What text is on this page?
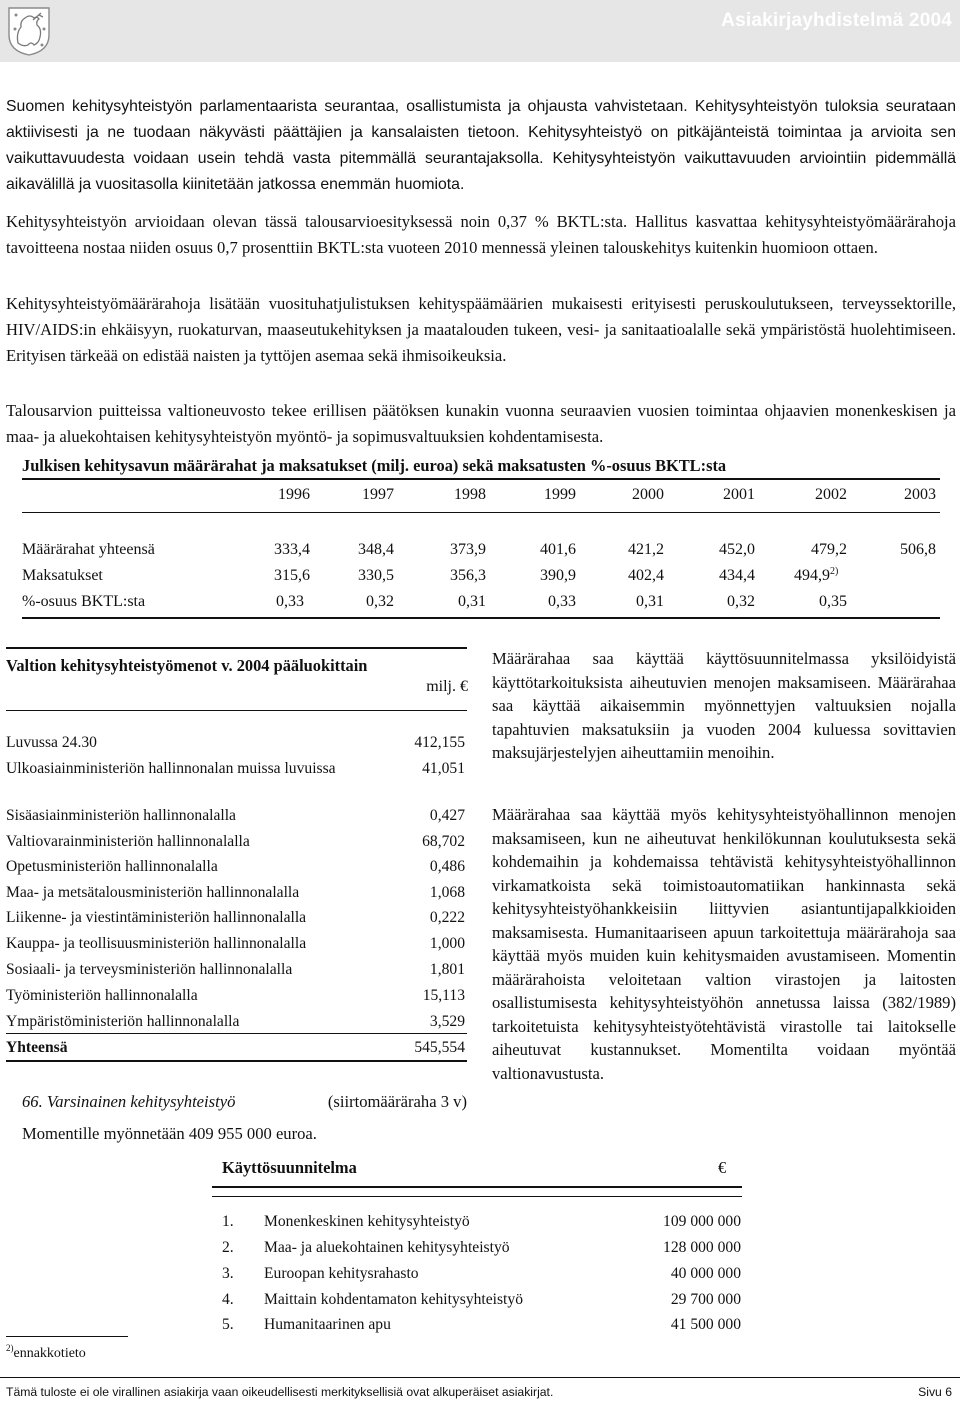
Asiakirjayhdistelmä 2004

Suomen kehitysyhteistyön parlamentaarista seurantaa, osallistumista ja ohjausta vahvistetaan. Kehitysyhteistyön tuloksia seurataan aktiivisesti ja ne tuodaan näkyvästi päättäjien ja kansalaisten tietoon. Kehitysyhteistyö on pitkäjänteistä toimintaa ja arvioita sen vaikuttavuudesta voidaan usein tehdä vasta pitemmällä seurantajaksolla. Kehitysyhteistyön vaikuttavuuden arviointiin pidemmällä aikavälillä ja vuositasolla kiinitetään jatkossa enemmän huomiota.

Kehitysyhteistyön arvioidaan olevan tässä talousarvioesityksessä noin 0,37 % BKTL:sta. Hallitus kasvattaa kehitysyhteistyömäärärahoja tavoitteena nostaa niiden osuus 0,7 prosenttiin BKTL:sta vuoteen 2010 mennessä yleinen talouskehitys kuitenkin huomioon ottaen.

Kehitysyhteistyömäärärahoja lisätään vuosituhatjulistuksen kehityspäämäärien mukaisesti erityisesti peruskoulutukseen, terveyssektorille, HIV/AIDS:in ehkäisyyn, ruokaturvan, maaseutukehityksen ja maatalouden tukeen, vesi- ja sanitaatioalalle sekä ympäristöstä huolehtimiseen. Erityisen tärkeää on edistää naisten ja tyttöjen asemaa sekä ihmisoikeuksia.

Talousarvion puitteissa valtioneuvosto tekee erillisen päätöksen kunakin vuonna seuraavien vuosien toimintaa ohjaavien monenkeskisen ja maa- ja aluekohtaisen kehitysyhteistyön myöntö- ja sopimusvaltuuksien kohdentamisesta.

Julkisen kehitysavun määrärahat ja maksatukset (milj. euroa) sekä maksatusten %-osuus BKTL:sta
1996	1997	1998	1999	2000	2001	2002	2003
Määrärahat yhteensä	333,4	348,4	373,9	401,6	421,2	452,0	479,2	506,8
Maksatukset	315,6	330,5	356,3	390,9	402,4	434,4 494,9$^{2)}$
%-osuus BKTL:sta	0,33	0,32	0,31	0,33	0,31	0,32	0,35
Valtion kehitysyhteistyömenot v. 2004 pääluokittain
milj. €
Luvussa 24.30	412,155
Ulkoasiainministeriön hallinnonalan muissa luvuissa	41,051
Sisäasiainministeriön hallinnonalalla	0,427
Valtiovarainministeriön hallinnonalalla	68,702
Opetusministeriön hallinnonalalla	0,486
Maa- ja metsätalousministeriön hallinnonalalla	1,068
Liikenne- ja viestintäministeriön hallinnonalalla	0,222
Kauppa- ja teollisuusministeriön hallinnonalalla	1,000
Sosiaali- ja terveysministeriön hallinnonalalla	1,801
Työministeriön hallinnonalalla	15,113
Ympäristöministeriön hallinnonalalla	3,529
Yhteensä	545,554
66. Varsinainen kehitysyhteistyö	(siirtomääräraha 3 v)
Momentille myönnetään 409 955 000 euroa.

Määrärahaa saa käyttää käyttösuunnitelmassa yksilöidyistä käyttötarkoituksista aiheutuvien menojen maksamiseen. Määrärahaa saa käyttää aikaisemmin myönnettyjen valtuuksien nojalla tapahtuvien maksatuksiin ja vuoden 2004 kuluessa sovittavien maksujärjestelyjen aiheuttamiin menoihin.

Määrärahaa saa käyttää myös kehitysyhteistyöhallinnon menojen maksamiseen, kun ne aiheutuvat henkilökunnan koulutuksesta sekä kohdemaihin ja kohdemaissa tehtävistä kehitysyhteistyöhallinnon virkamatkoista sekä toimistoautomatiikan hankinnasta sekä kehitysyhteistyöhankkeisiin liittyvien asiantuntijapalkkioiden maksamisesta. Humanitaariseen apuun tarkoitettuja määrärahoja saa käyttää myös muiden kuin kehitysmaiden avustamiseen. Momentin määrärahoista veloitetaan valtion virastojen ja laitosten osallistumisesta kehitysyhteistyöhön annetussa laissa (382/1989) tarkoitetuista kehitysyhteistyötehtävistä virastolle tai laitokselle aiheutuvat kustannukset. Momentilta voidaan myöntää valtionavustusta.

Käyttösuunnitelma	€
1. Monenkeskinen kehitysyhteistyö	109 000 000
2. Maa- ja aluekohtainen kehitysyhteistyö	128 000 000
3. Euroopan kehitysrahasto	40 000 000
4. Maittain kohdentamaton kehitysyhteistyö	29 700 000
5. Humanitaarinen apu	41 500 000
$^{2)}$ennakkotieto
Tämä tuloste ei ole virallinen asiakirja vaan oikeudellisesti merkityksellisiä ovat alkuperäiset asiakirjat.	Sivu 6
